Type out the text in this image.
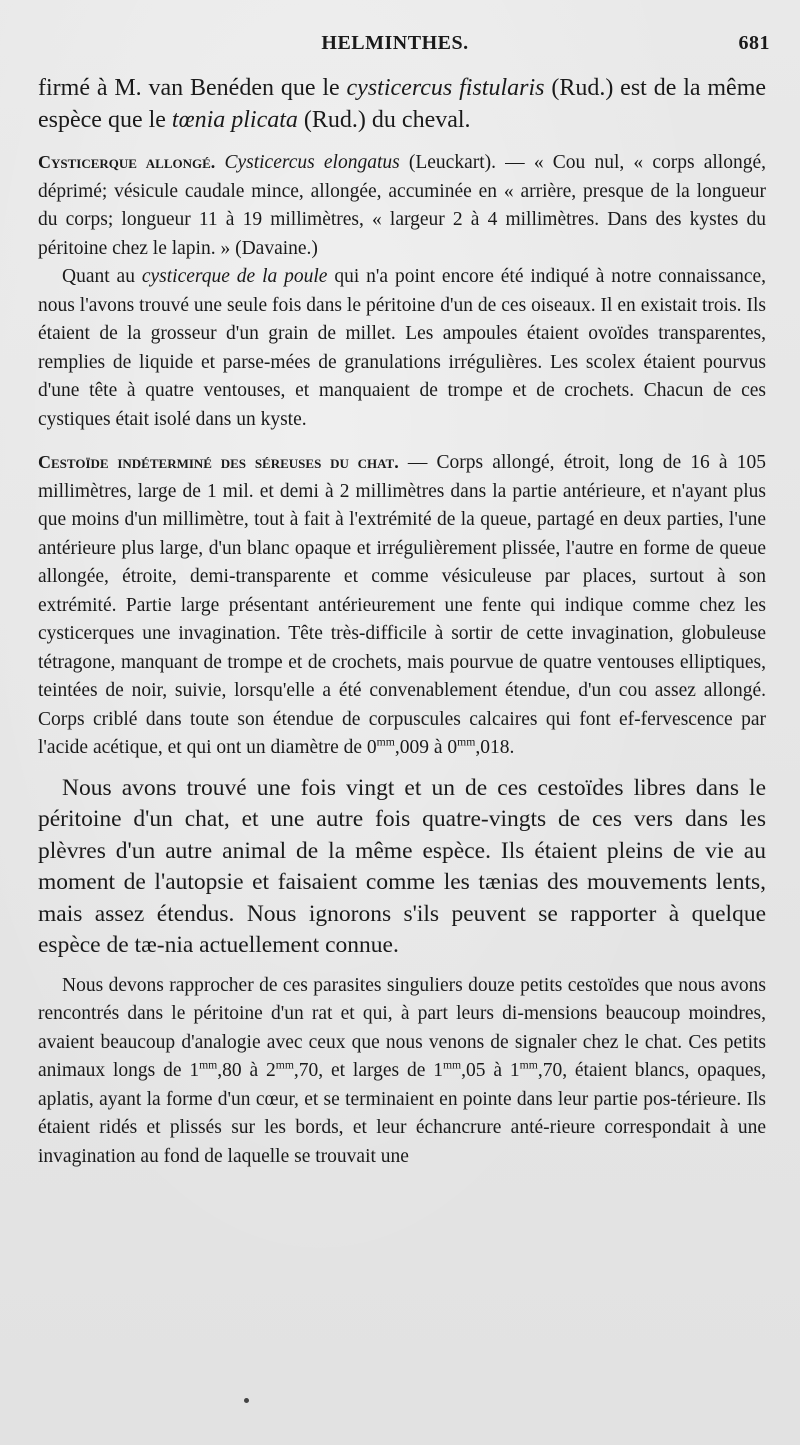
HELMINTHES.	681

firmé à M. van Benéden que le cysticercus fistularis (Rud.) est de la même espèce que le tœnia plicata (Rud.) du cheval.

Cysticerque allongé. Cysticercus elongatus (Leuckart). — « Cou nul, « corps allongé, déprimé; vésicule caudale mince, allongée, accuminée en « arrière, presque de la longueur du corps; longueur 11 à 19 millimètres, « largeur 2 à 4 millimètres. Dans des kystes du péritoine chez le lapin. » (Davaine.)

Quant au cysticerque de la poule qui n'a point encore été indiqué à notre connaissance, nous l'avons trouvé une seule fois dans le péritoine d'un de ces oiseaux. Il en existait trois. Ils étaient de la grosseur d'un grain de millet. Les ampoules étaient ovoïdes transparentes, remplies de liquide et parse-mées de granulations irrégulières. Les scolex étaient pourvus d'une tête à quatre ventouses, et manquaient de trompe et de crochets. Chacun de ces cystiques était isolé dans un kyste.

Cestoïde indéterminé des séreuses du chat. — Corps allongé, étroit, long de 16 à 105 millimètres, large de 1 mil. et demi à 2 millimètres dans la partie antérieure, et n'ayant plus que moins d'un millimètre, tout à fait à l'extrémité de la queue, partagé en deux parties, l'une antérieure plus large, d'un blanc opaque et irrégulièrement plissée, l'autre en forme de queue allongée, étroite, demi-transparente et comme vésiculeuse par places, surtout à son extrémité. Partie large présentant antérieurement une fente qui indique comme chez les cysticerques une invagination. Tête très-difficile à sortir de cette invagination, globuleuse tétragone, manquant de trompe et de crochets, mais pourvue de quatre ventouses elliptiques, teintées de noir, suivie, lorsqu'elle a été convenablement étendue, d'un cou assez allongé. Corps criblé dans toute son étendue de corpuscules calcaires qui font ef-fervescence par l'acide acétique, et qui ont un diamètre de $0^{mm},009$ à $0^{mm},018$.

Nous avons trouvé une fois vingt et un de ces cestoïdes libres dans le péritoine d'un chat, et une autre fois quatre-vingts de ces vers dans les plèvres d'un autre animal de la même espèce. Ils étaient pleins de vie au moment de l'autopsie et faisaient comme les tænias des mouvements lents, mais assez étendus. Nous ignorons s'ils peuvent se rapporter à quelque espèce de tæ-nia actuellement connue.

Nous devons rapprocher de ces parasites singuliers douze petits cestoïdes que nous avons rencontrés dans le péritoine d'un rat et qui, à part leurs di-mensions beaucoup moindres, avaient beaucoup d'analogie avec ceux que nous venons de signaler chez le chat. Ces petits animaux longs de $1^{mm},80$ à $2^{mm},70$, et larges de $1^{mm},05$ à $1^{mm},70$, étaient blancs, opaques, aplatis, ayant la forme d'un cœur, et se terminaient en pointe dans leur partie pos-térieure. Ils étaient ridés et plissés sur les bords, et leur échancrure anté-rieure correspondait à une invagination au fond de laquelle se trouvait une
